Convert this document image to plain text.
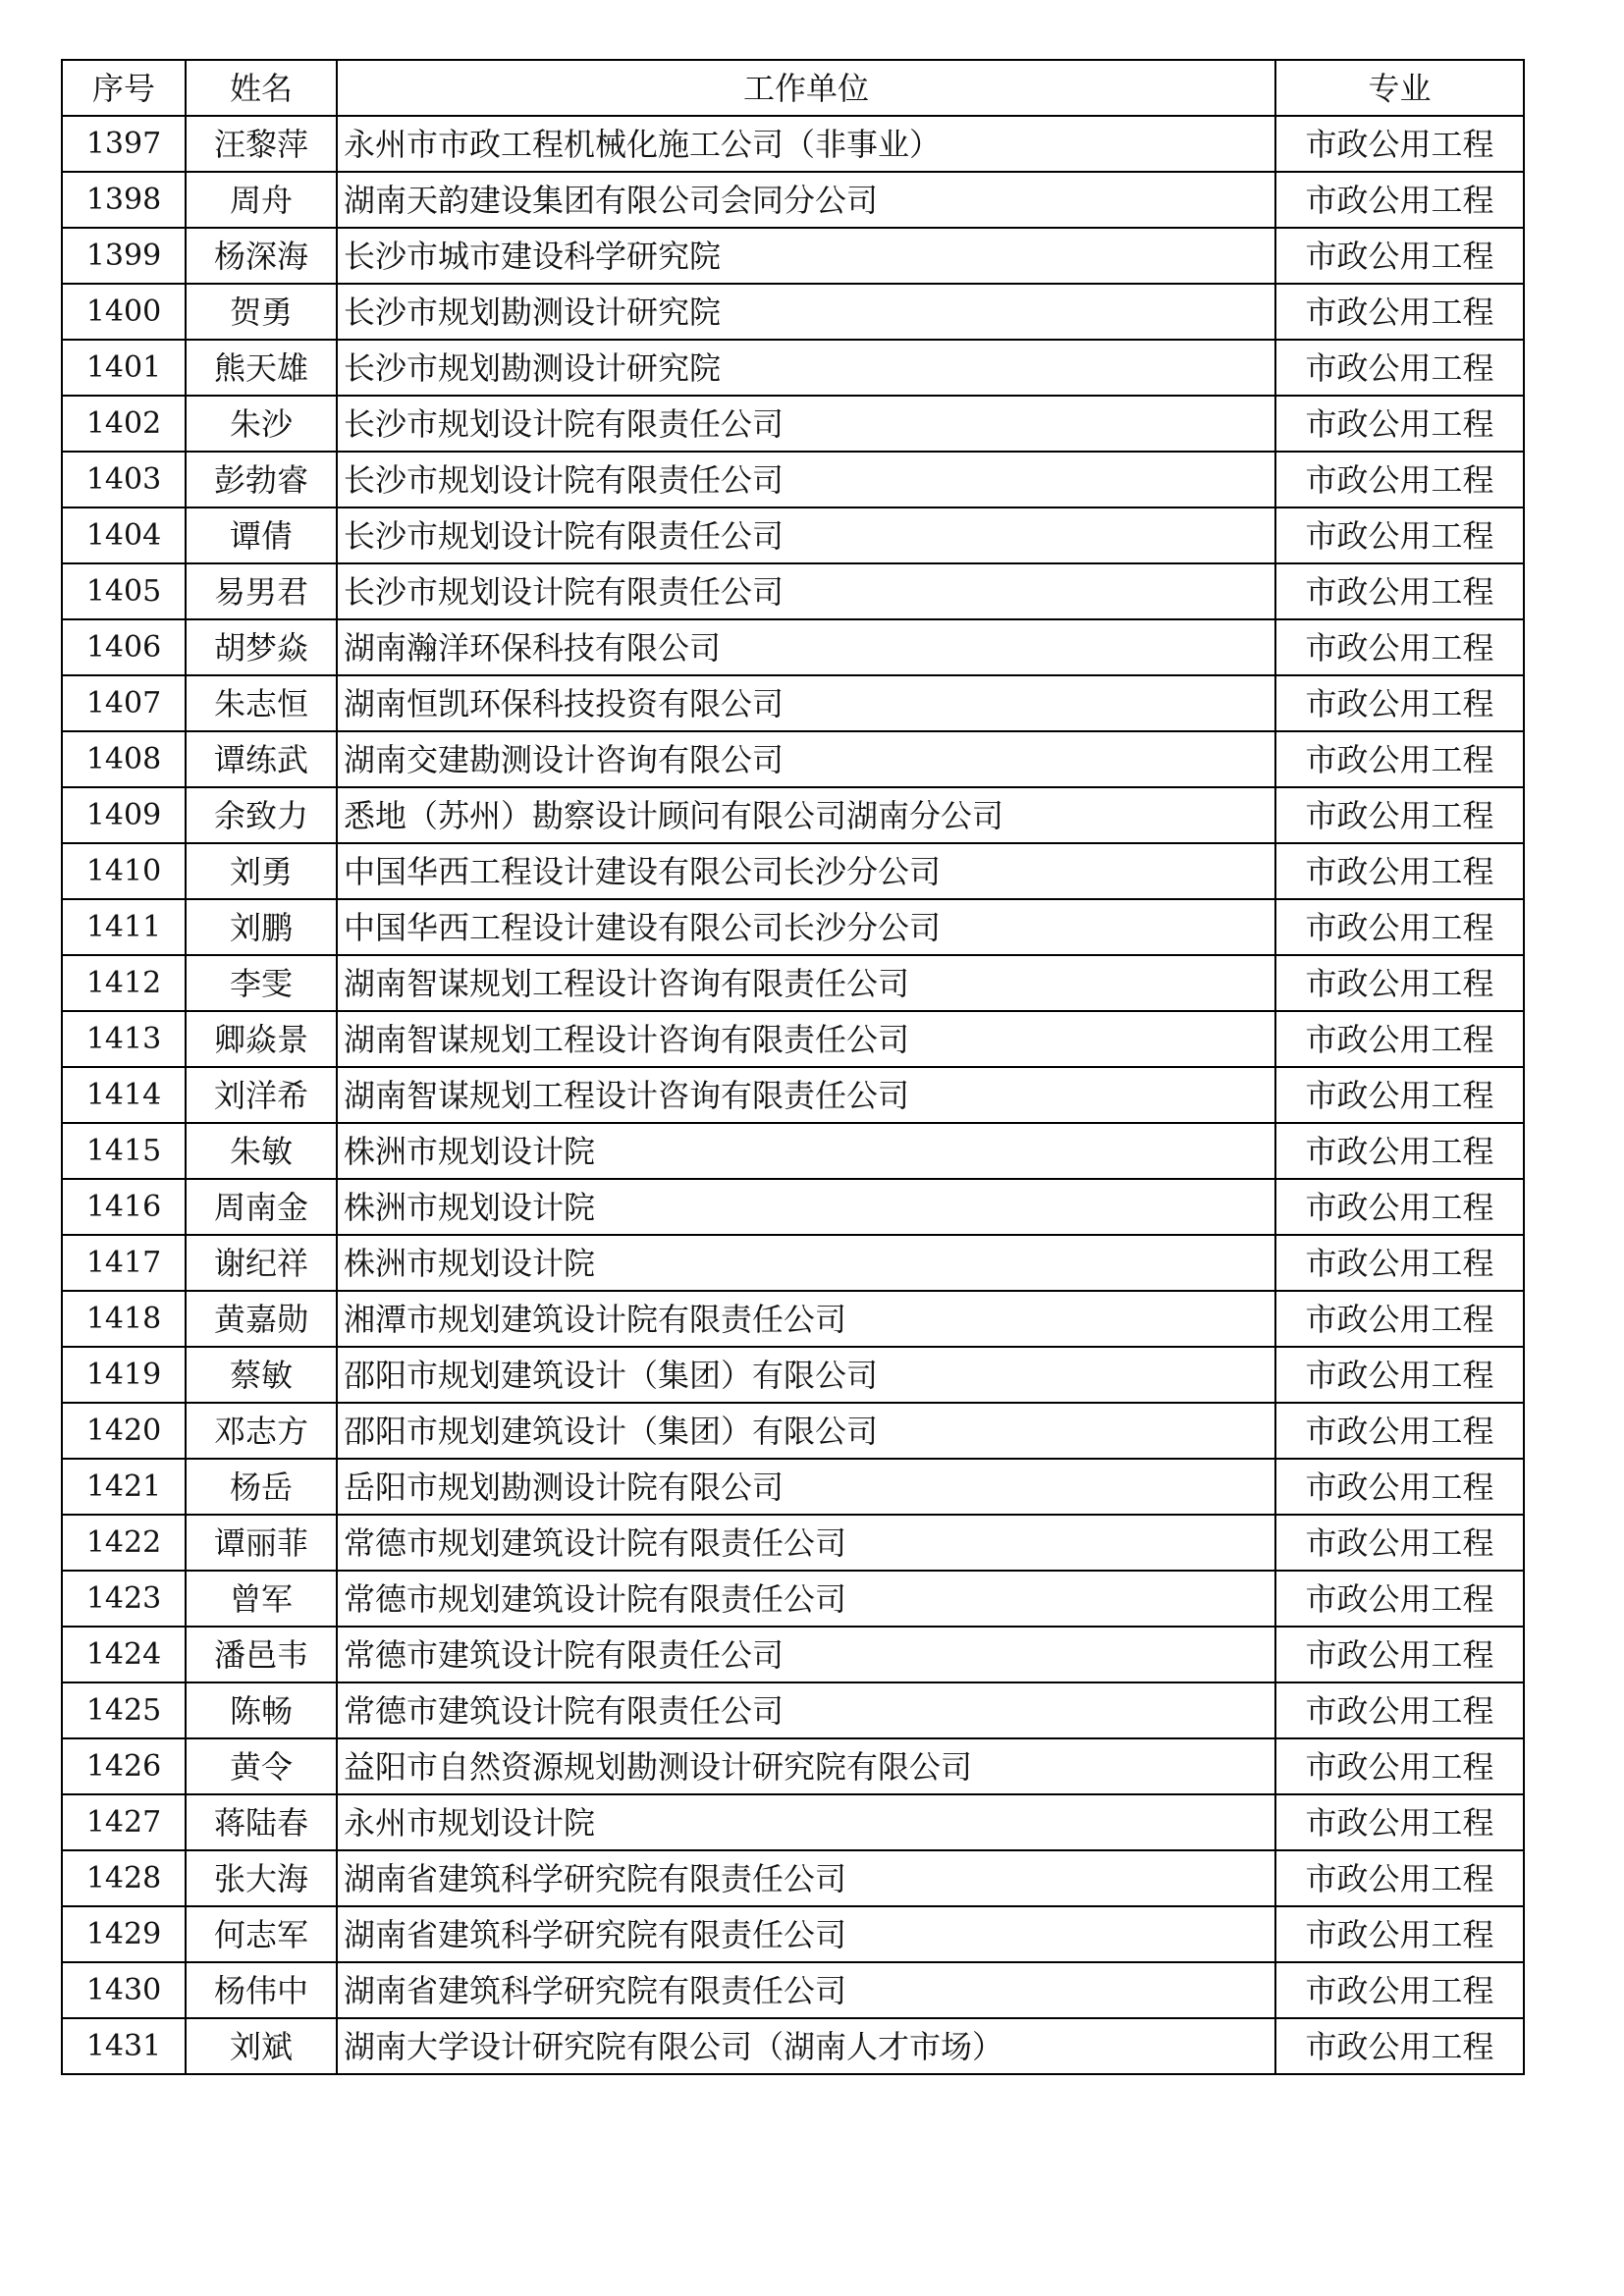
序号	姓名	工作单位	专业
1397	汪黎萍	永州市市政工程机械化施工公司（非事业）	市政公用工程
1398	周舟	湖南天韵建设集团有限公司会同分公司	市政公用工程
1399	杨深海	长沙市城市建设科学研究院	市政公用工程
1400	贺勇	长沙市规划勘测设计研究院	市政公用工程
1401	熊天雄	长沙市规划勘测设计研究院	市政公用工程
1402	朱沙	长沙市规划设计院有限责任公司	市政公用工程
1403	彭勃睿	长沙市规划设计院有限责任公司	市政公用工程
1404	谭倩	长沙市规划设计院有限责任公司	市政公用工程
1405	易男君	长沙市规划设计院有限责任公司	市政公用工程
1406	胡梦焱	湖南瀚洋环保科技有限公司	市政公用工程
1407	朱志恒	湖南恒凯环保科技投资有限公司	市政公用工程
1408	谭练武	湖南交建勘测设计咨询有限公司	市政公用工程
1409	余致力	悉地（苏州）勘察设计顾问有限公司湖南分公司	市政公用工程
1410	刘勇	中国华西工程设计建设有限公司长沙分公司	市政公用工程
1411	刘鹏	中国华西工程设计建设有限公司长沙分公司	市政公用工程
1412	李雯	湖南智谋规划工程设计咨询有限责任公司	市政公用工程
1413	卿焱景	湖南智谋规划工程设计咨询有限责任公司	市政公用工程
1414	刘洋希	湖南智谋规划工程设计咨询有限责任公司	市政公用工程
1415	朱敏	株洲市规划设计院	市政公用工程
1416	周南金	株洲市规划设计院	市政公用工程
1417	谢纪祥	株洲市规划设计院	市政公用工程
1418	黄嘉勋	湘潭市规划建筑设计院有限责任公司	市政公用工程
1419	蔡敏	邵阳市规划建筑设计（集团）有限公司	市政公用工程
1420	邓志方	邵阳市规划建筑设计（集团）有限公司	市政公用工程
1421	杨岳	岳阳市规划勘测设计院有限公司	市政公用工程
1422	谭丽菲	常德市规划建筑设计院有限责任公司	市政公用工程
1423	曾军	常德市规划建筑设计院有限责任公司	市政公用工程
1424	潘邑韦	常德市建筑设计院有限责任公司	市政公用工程
1425	陈畅	常德市建筑设计院有限责任公司	市政公用工程
1426	黄令	益阳市自然资源规划勘测设计研究院有限公司	市政公用工程
1427	蒋陆春	永州市规划设计院	市政公用工程
1428	张大海	湖南省建筑科学研究院有限责任公司	市政公用工程
1429	何志军	湖南省建筑科学研究院有限责任公司	市政公用工程
1430	杨伟中	湖南省建筑科学研究院有限责任公司	市政公用工程
1431	刘斌	湖南大学设计研究院有限公司（湖南人才市场）	市政公用工程
